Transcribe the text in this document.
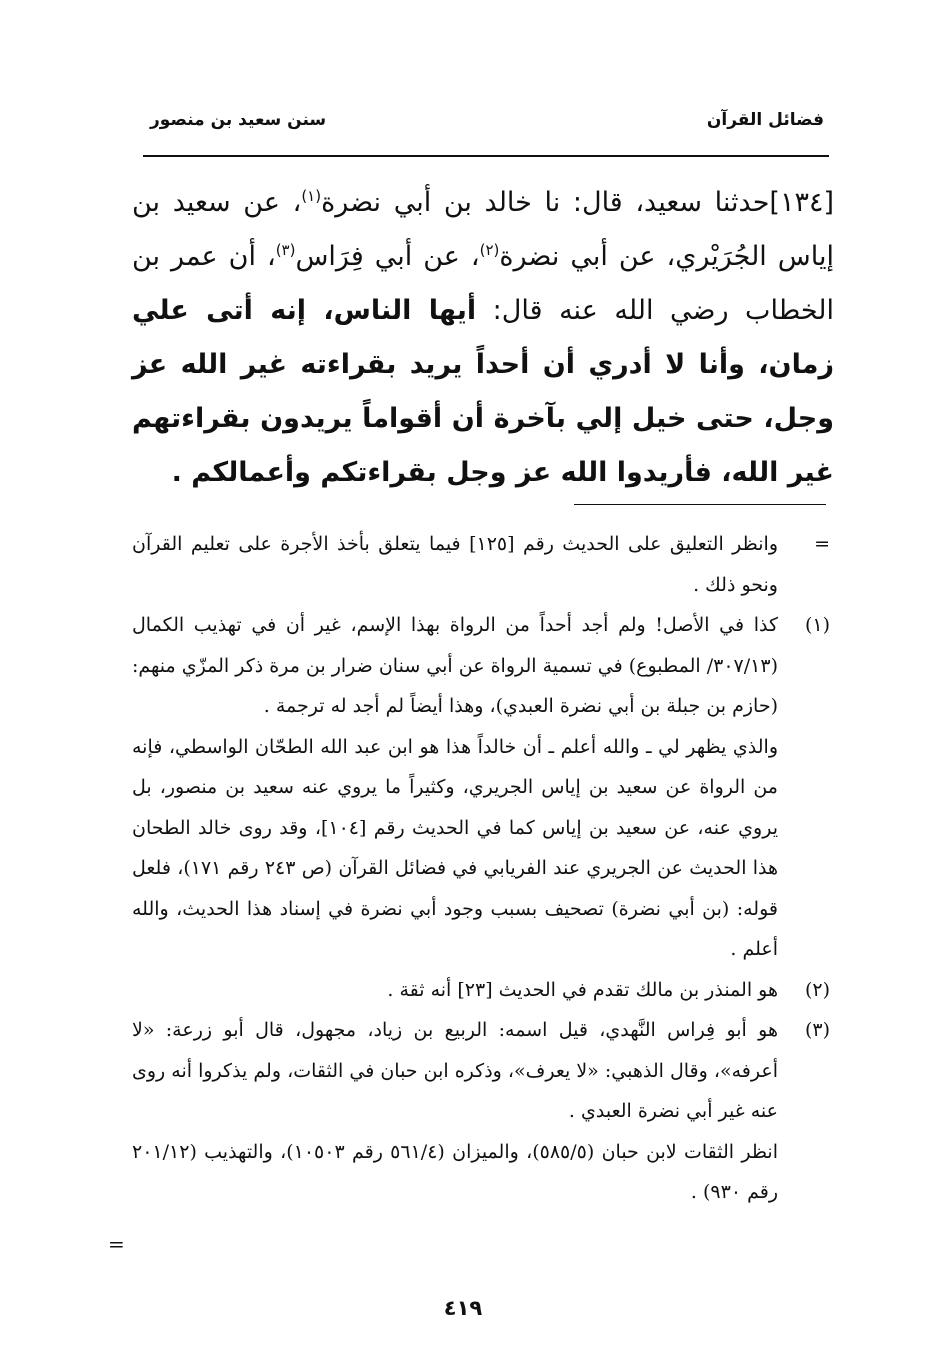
فضائل القرآن
سنن سعيد بن منصور
[١٣٤]حدثنا سعيد، قال: نا خالد بن أبي نضرة$^{(١)}$، عن سعيد بن إياس الجُرَيْري، عن أبي نضرة$^{(٢)}$، عن أبي فِرَاس$^{(٣)}$، أن عمر بن الخطاب رضي الله عنه قال: أيها الناس، إنه أتى علي زمان، وأنا لا أدري أن أحداً يريد بقراءته غير الله عز وجل، حتى خيل إلي بآخرة أن أقواماً يريدون بقراءتهم غير الله، فأريدوا الله عز وجل بقراءتكم وأعمالكم .
=
وانظر التعليق على الحديث رقم [١٢٥] فيما يتعلق بأخذ الأجرة على تعليم القرآن ونحو ذلك .
(١)
كذا في الأصل! ولم أجد أحداً من الرواة بهذا الإسم، غير أن في تهذيب الكمال (٣٠٧/١٣/ المطبوع) في تسمية الرواة عن أبي سنان ضرار بن مرة ذكر المزّي منهم: (حازم بن جبلة بن أبي نضرة العبدي)، وهذا أيضاً لم أجد له ترجمة .
والذي يظهر لي ـ والله أعلم ـ أن خالداً هذا هو ابن عبد الله الطحّان الواسطي، فإنه من الرواة عن سعيد بن إياس الجريري، وكثيراً ما يروي عنه سعيد بن منصور، بل يروي عنه، عن سعيد بن إياس كما في الحديث رقم [١٠٤]، وقد روى خالد الطحان هذا الحديث عن الجريري عند الفريابي في فضائل القرآن (ص ٢٤٣ رقم ١٧١)، فلعل قوله: (بن أبي نضرة) تصحيف بسبب وجود أبي نضرة في إسناد هذا الحديث، والله أعلم .
(٢)
هو المنذر بن مالك تقدم في الحديث [٢٣] أنه ثقة .
(٣)
هو أبو فِراس النَّهدي، قيل اسمه: الربيع بن زياد، مجهول، قال أبو زرعة: «لا أعرفه»، وقال الذهبي: «لا يعرف»، وذكره ابن حبان في الثقات، ولم يذكروا أنه روى عنه غير أبي نضرة العبدي .
انظر الثقات لابن حبان (٥٨٥/٥)، والميزان (٥٦١/٤ رقم ١٠٥٠٣)، والتهذيب (٢٠١/١٢ رقم ٩٣٠) .
=
٤١٩
